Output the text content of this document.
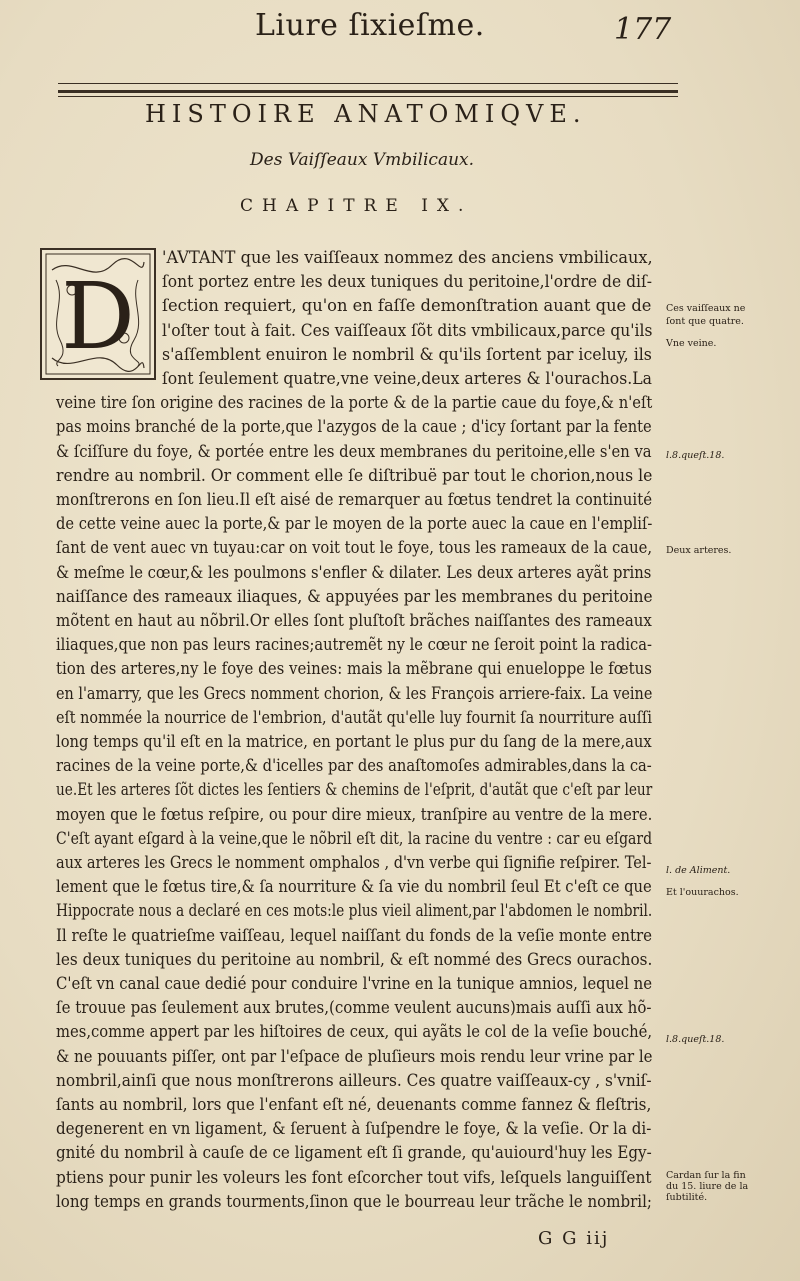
Liure ſixieſme.	177
HISTOIRE ANATOMIQVE.
Des Vaiſſeaux Vmbilicaux.
CHAPITRE IX.
D
'AVTANT que les vaiſſeaux nommez des anciens vmbilicaux,
ſont portez entre les deux tuniques du peritoine,l'ordre de diſ-
ſection requiert, qu'on en faſſe demonſtration auant que de
l'oſter tout à fait. Ces vaiſſeaux ſõt dits vmbilicaux,parce qu'ils
s'aſſemblent enuiron le nombril & qu'ils ſortent par iceluy, ils
ſont ſeulement quatre,vne veine,deux arteres & l'ourachos.La
veine tire ſon origine des racines de la porte & de la partie caue du foye,& n'eſt
pas moins branché de la porte,que l'azygos de la caue ; d'icy ſortant par la fente
& ſciſſure du foye, & portée entre les deux membranes du peritoine,elle s'en va
rendre au nombril. Or comment elle ſe diſtribuë par tout le chorion,nous le
monſtrerons en ſon lieu.Il eſt aisé de remarquer au fœtus tendret la continuité
de cette veine auec la porte,& par le moyen de la porte auec la caue en l'empliſ-
ſant de vent auec vn tuyau:car on voit tout le foye, tous les rameaux de la caue,
& meſme le cœur,& les poulmons s'enfler & dilater. Les deux arteres ayãt prins
naiſſance des rameaux iliaques, & appuyées par les membranes du peritoine
mõtent en haut au nõbril.Or elles ſont pluſtoſt brãches naiſſantes des rameaux
iliaques,que non pas leurs racines;autremẽt ny le cœur ne ſeroit point la radica-
tion des arteres,ny le foye des veines: mais la mẽbrane qui enueloppe le fœtus
en l'amarry, que les Grecs nomment chorion, & les François arriere-faix. La veine
eſt nommée la nourrice de l'embrion, d'autãt qu'elle luy fournit ſa nourriture auſſi
long temps qu'il eſt en la matrice, en portant le plus pur du ſang de la mere,aux
racines de la veine porte,& d'icelles par des anaſtomoſes admirables,dans la ca-
ue.Et les arteres ſõt dictes les ſentiers & chemins de l'eſprit, d'autãt que c'eſt par leur
moyen que le fœtus reſpire, ou pour dire mieux, tranſpire au ventre de la mere.
C'eſt ayant eſgard à la veine,que le nõbril eſt dit, la racine du ventre : car eu eſgard
aux arteres les Grecs le nomment omphalos , d'vn verbe qui ſignifie reſpirer. Tel-
lement que le fœtus tire,& ſa nourriture & ſa vie du nombril ſeul Et c'eſt ce que
Hippocrate nous a declaré en ces mots:le plus vieil aliment,par l'abdomen le nombril.
Il reſte le quatrieſme vaiſſeau, lequel naiſſant du fonds de la veſie monte entre
les deux tuniques du peritoine au nombril, & eſt nommé des Grecs ourachos.
C'eſt vn canal caue dedié pour conduire l'vrine en la tunique amnios, lequel ne
ſe trouue pas ſeulement aux brutes,(comme veulent aucuns)mais auſſi aux hõ-
mes,comme appert par les hiſtoires de ceux, qui ayãts le col de la veſie bouché,
& ne pouuants piſſer, ont par l'eſpace de pluſieurs mois rendu leur vrine par le
nombril,ainſi que nous monſtrerons ailleurs. Ces quatre vaiſſeaux-cy , s'vniſ-
ſants au nombril, lors que l'enfant eſt né, deuenants comme fannez & fleſtris,
degenerent en vn ligament, & ſeruent à ſuſpendre le foye, & la veſie. Or la di-
gnité du nombril à cauſe de ce ligament eſt ſi grande, qu'auiourd'huy les Egy-
ptiens pour punir les voleurs les font eſcorcher tout vifs, leſquels languiſſent
long temps en grands tourments,ſinon que le bourreau leur trãche le nombril;
Ces vaiſſeaux ne
ſont que quatre.
Vne veine.
l.8.queſt.18.
Deux arteres.
l. de Aliment.
Et l'ouurachos.
l.8.queſt.18.
Cardan ſur la fin
du 15. liure de la
ſubtilité.
G G iij
